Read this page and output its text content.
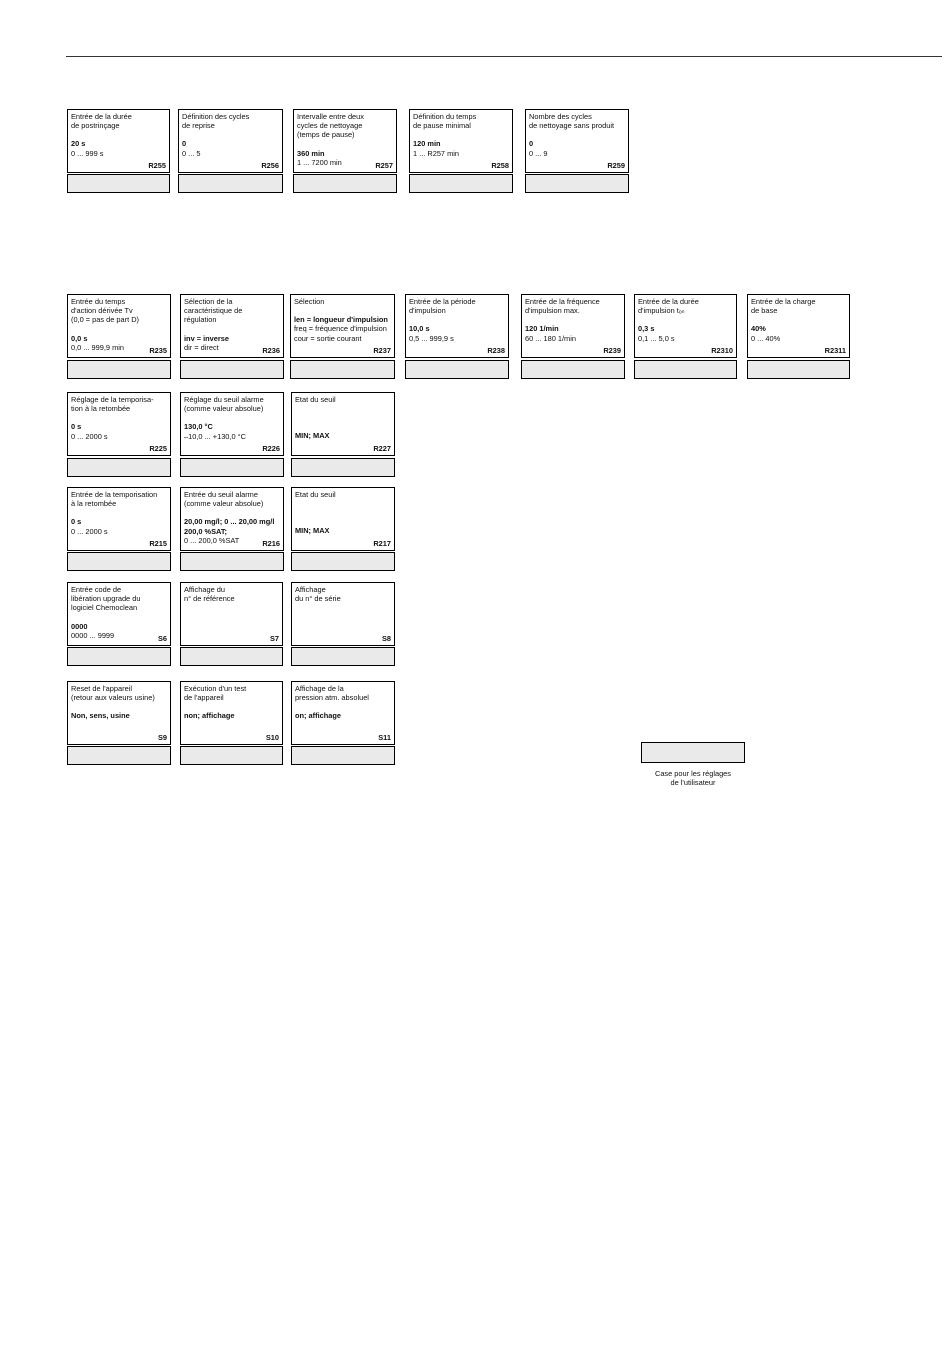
Entrée de la durée
de postrinçage
20 s
0 ... 999 s
R255
Définition des cycles
de reprise
0
0 ... 5
R256
Intervalle entre deux
cycles de nettoyage
(temps de pause)
360 min
1 ... 7200 min	R257
Définition du temps
de pause minimal
120 min
1 ... R257 min
R258
Nombre des cycles
de nettoyage sans produit
0
0 ... 9
R259
Entrée du temps
d'action dérivée Tv
(0,0 = pas de part D)
0,0 s
0,0 ... 999,9 min	R235
Sélection de la
caractéristique de
régulation
inv = inverse
dir = direct	R236
Sélection
len = longueur d'impulsion
freq = fréquence d'impulsion
cour = sortie courant
R237
Entrée de la période
d'impulsion
10,0 s
0,5 ... 999,9 s
R238
Entrée de la fréquence
d'impulsion max.
120 1/min
60 ... 180 1/min
R239
Entrée de la durée
d'impulsion tₒₙ
0,3 s
0,1 ... 5,0 s
R2310
Entrée de la charge
de base
40%
0 ... 40%
R2311
Réglage de la temporisa-
tion à la retombée
0 s
0 ... 2000 s
R225
Réglage du seuil alarme
(comme valeur absolue)
130,0 °C
–10,0 ... +130,0 °C
R226
Etat du seuil
MIN; MAX
R227
Entrée de la temporisation
à la retombée
0 s
0 ... 2000 s
R215
Entrée du seuil alarme
(comme valeur absolue)
20,00 mg/l; 0 ... 20,00 mg/l
200,0 %SAT;
0 ... 200,0 %SAT	R216
Etat du seuil
MIN; MAX
R217
Entrée code de
libération upgrade du
logiciel Chemoclean
0000
0000 ... 9999	S6
Affichage du
n° de référence
S7
Affichage
du n° de série
S8
Reset de l'appareil
(retour aux valeurs usine)
Non, sens, usine
S9
Exécution d'un test
de l'appareil
non; affichage
S10
Affichage de la
pression atm. absoluel
on; affichage
S11
Case pour les réglages
de l'utilisateur
